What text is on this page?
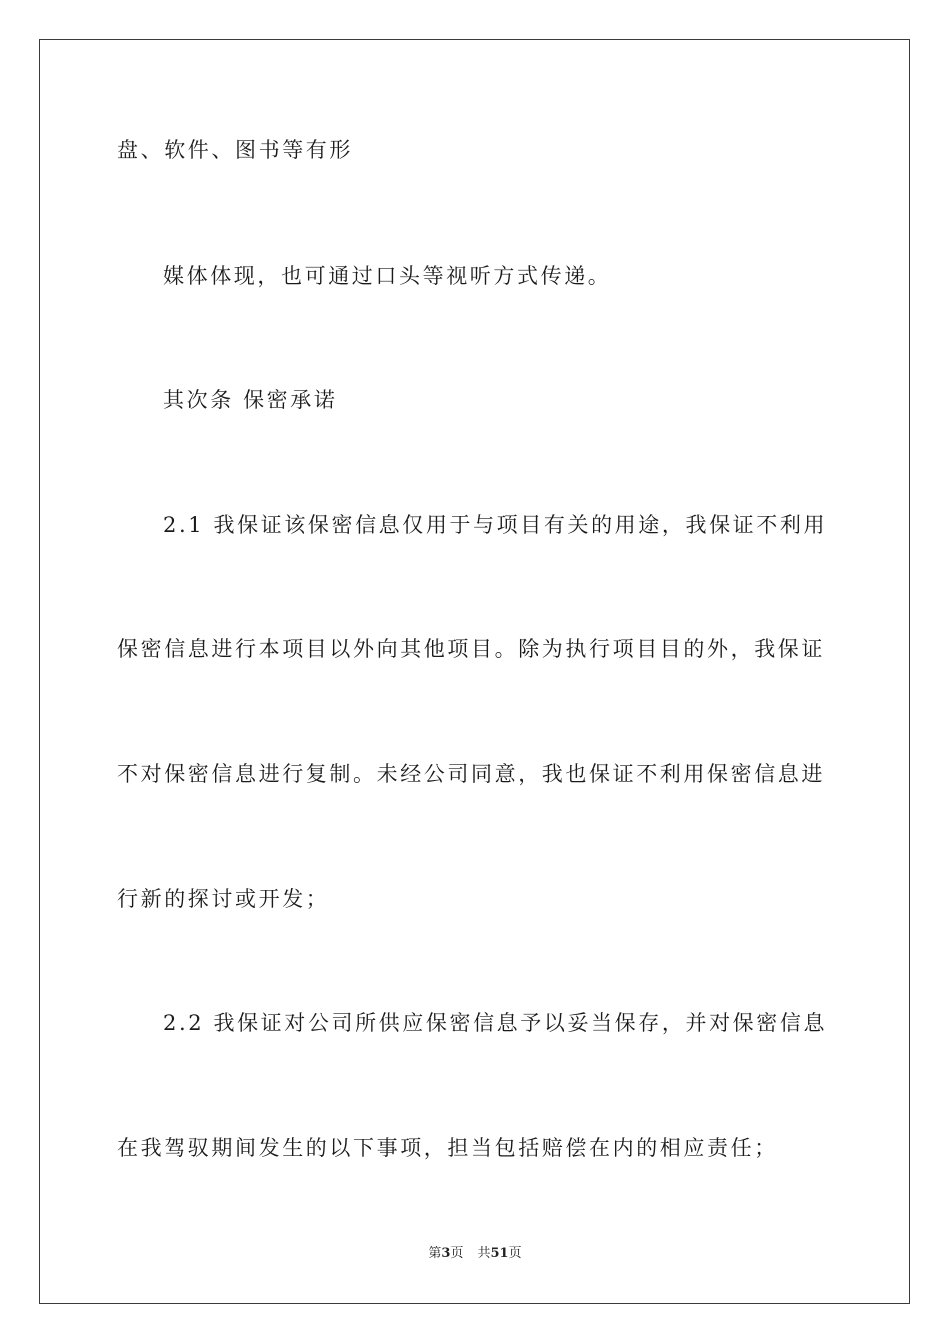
盘、软件、图书等有形
媒体体现，也可通过口头等视听方式传递。
其次条 保密承诺
2.1 我保证该保密信息仅用于与项目有关的用途，我保证不利用
保密信息进行本项目以外向其他项目。除为执行项目目的外，我保证
不对保密信息进行复制。未经公司同意，我也保证不利用保密信息进
行新的探讨或开发；
2.2 我保证对公司所供应保密信息予以妥当保存，并对保密信息
在我驾驭期间发生的以下事项，担当包括赔偿在内的相应责任；
第3页 共51页
